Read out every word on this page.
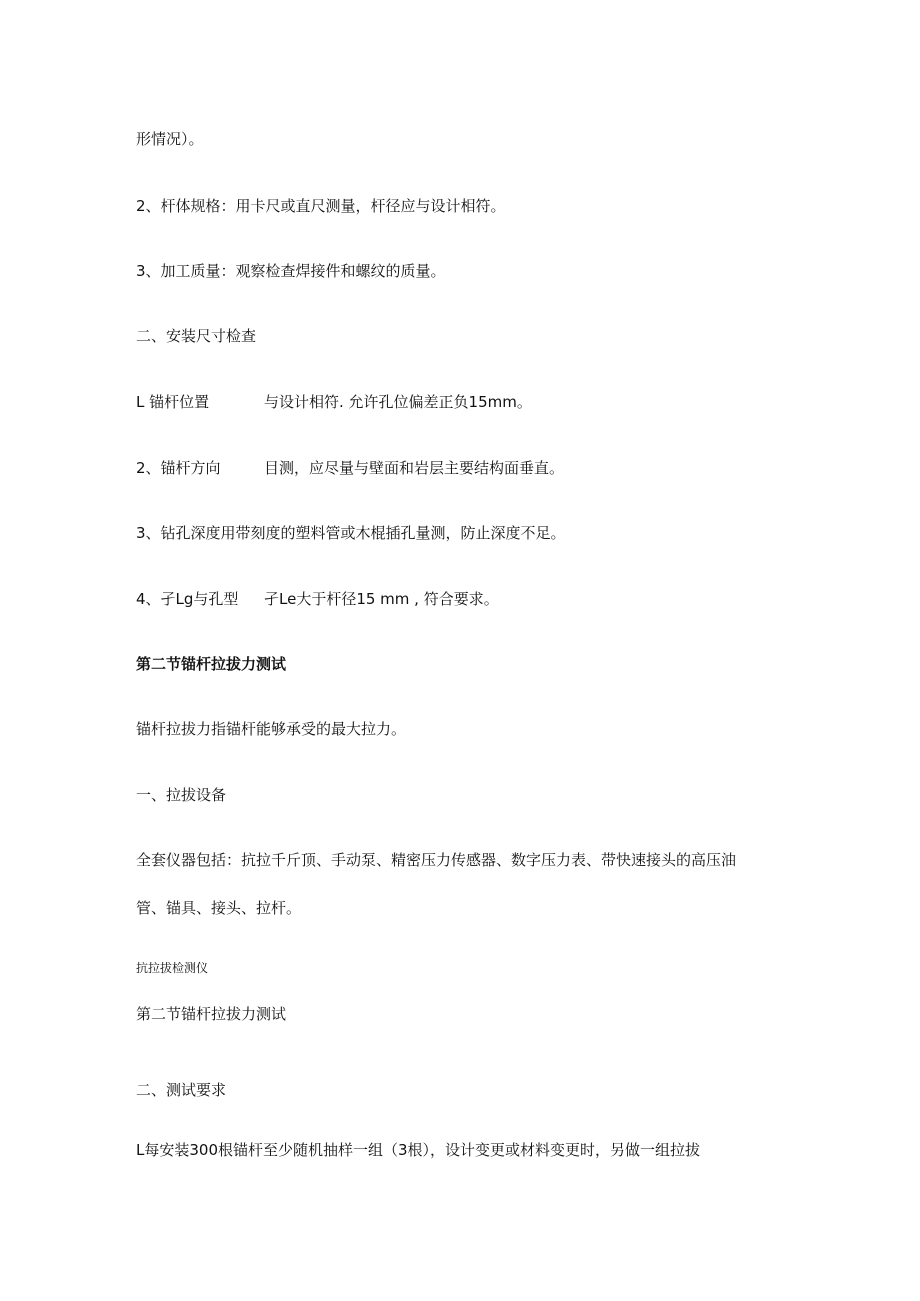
形情况）。

2、杆体规格：用卡尺或直尺测量，杆径应与设计相符。

3、加工质量：观察检查焊接件和螺纹的质量。

二、安装尺寸检查
L 锚杆位置	与设计相符. 允许孔位偏差正负15mm。
2、锚杆方向	目测，应尽量与壁面和岩层主要结构面垂直。

3、钻孔深度用带刻度的塑料管或木棍插孔量测，防止深度不足。

4、孑Lg与孔型 孑Le大于杆径15 mm , 符合要求。
第二节锚杆拉拔力测试

锚杆拉拔力指锚杆能够承受的最大拉力。

一、拉拔设备

全套仪器包括：抗拉千斤顶、手动泵、精密压力传感器、数字压力表、带快速接头的高压油

管、锚具、接头、拉杆。

抗拉拔检测仪

第二节锚杆拉拔力测试
二、测试要求

L每安装300根锚杆至少随机抽样一组（3根），设计变更或材料变更时，另做一组拉拔
